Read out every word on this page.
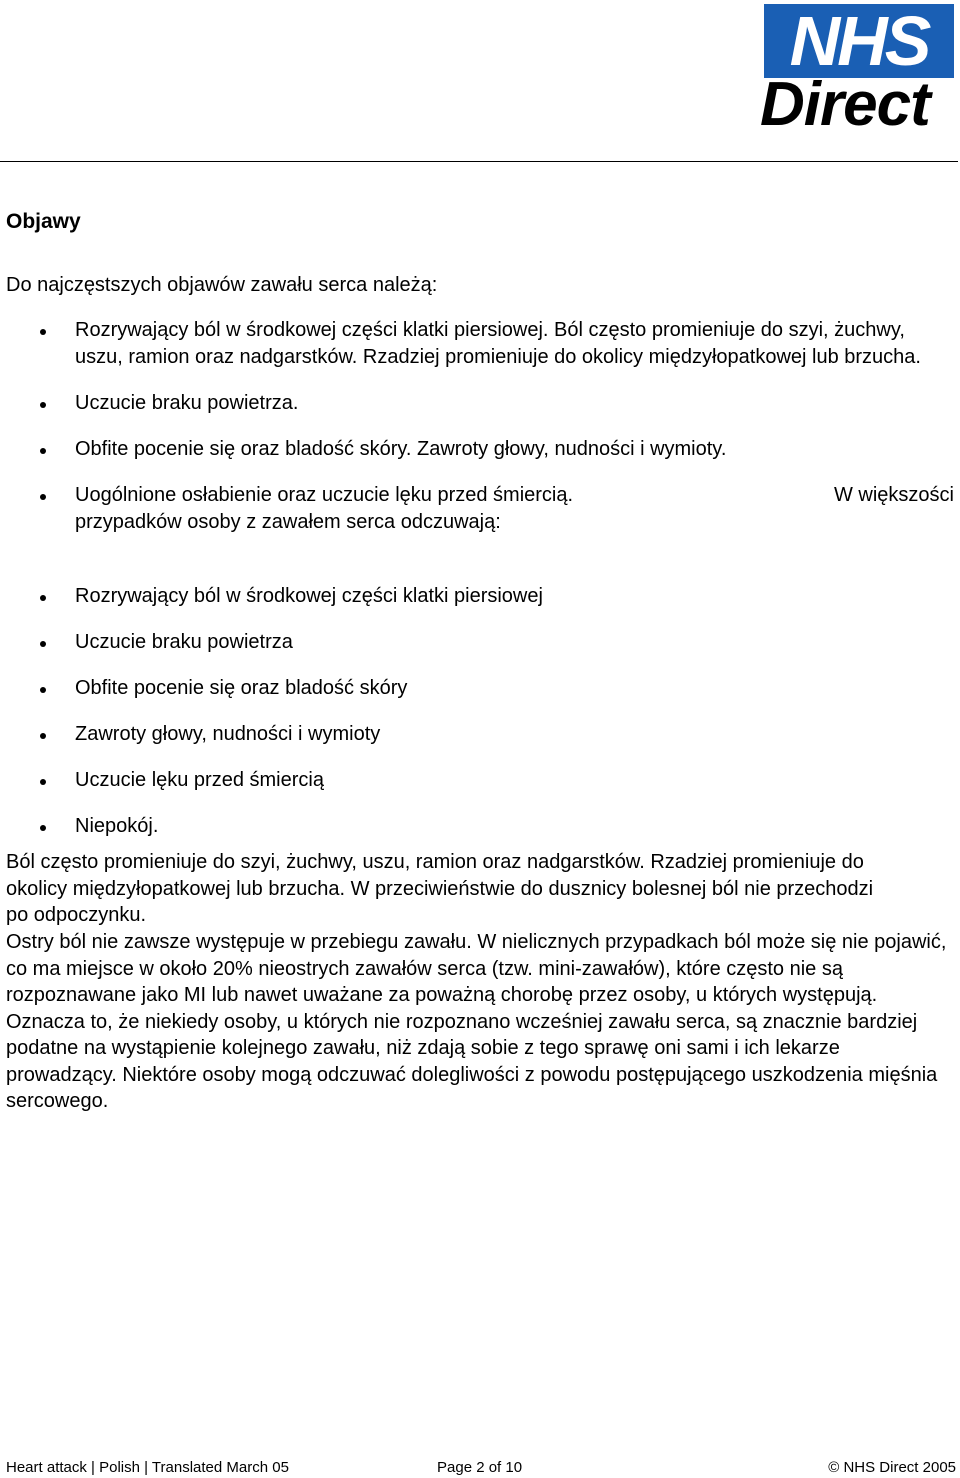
NHS
Direct
Objawy
Do najczęstszych objawów zawału serca należą:
Rozrywający ból w środkowej części klatki piersiowej. Ból często promieniuje do szyi, żuchwy, uszu, ramion oraz nadgarstków. Rzadziej promieniuje do okolicy międzyłopatkowej lub brzucha.
Uczucie braku powietrza.
Obfite pocenie się oraz bladość skóry. Zawroty głowy, nudności i wymioty.
Uogólnione osłabienie oraz uczucie lęku przed śmiercią.	W większości
przypadków osoby z zawałem serca odczuwają:
Rozrywający ból w środkowej części klatki piersiowej
Uczucie braku powietrza
Obfite pocenie się oraz bladość skóry
Zawroty głowy, nudności i wymioty
Uczucie lęku przed śmiercią
Niepokój.
Ból często promieniuje do szyi, żuchwy, uszu, ramion oraz nadgarstków. Rzadziej promieniuje do okolicy międzyłopatkowej lub brzucha. W przeciwieństwie do dusznicy bolesnej ból nie przechodzi po odpoczynku.
Ostry ból nie zawsze występuje w przebiegu zawału. W nielicznych przypadkach ból może się nie pojawić, co ma miejsce w około 20% nieostrych zawałów serca (tzw. mini-zawałów), które często nie są rozpoznawane jako MI lub nawet uważane za poważną chorobę przez osoby, u których występują. Oznacza to, że niekiedy osoby, u których nie rozpoznano wcześniej zawału serca, są znacznie bardziej podatne na wystąpienie kolejnego zawału, niż zdają sobie z tego sprawę oni sami i ich lekarze prowadzący. Niektóre osoby mogą odczuwać dolegliwości z powodu postępującego uszkodzenia mięśnia sercowego.
Heart attack | Polish | Translated March 05	Page 2 of 10	© NHS Direct 2005
